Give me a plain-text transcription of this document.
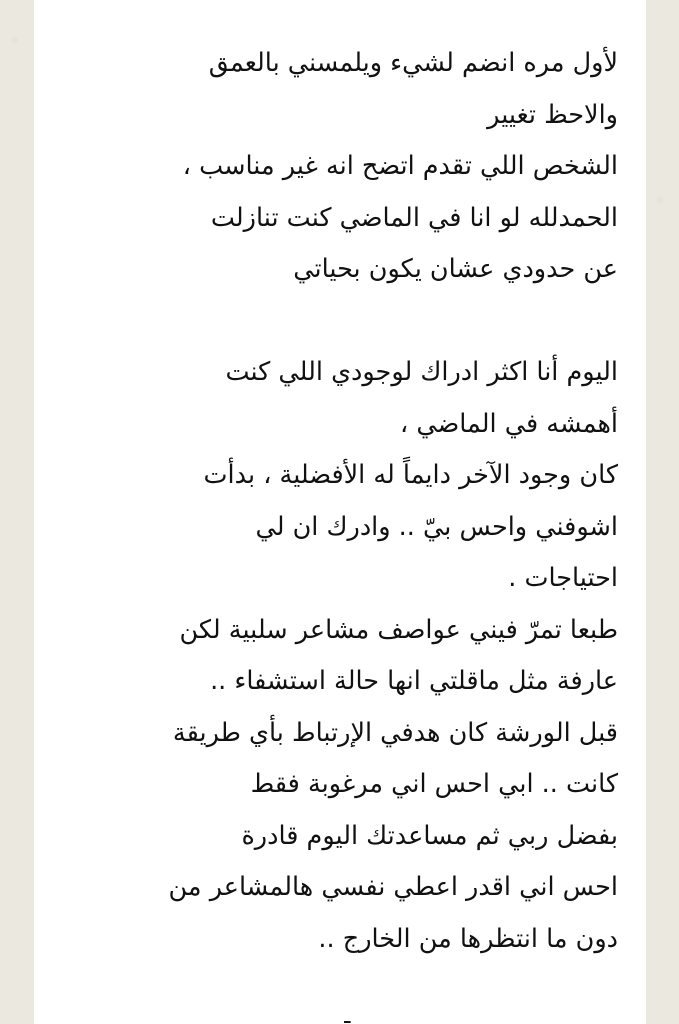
لأول مره انضم لشيء ويلمسني بالعمق
والاحظ تغيير
الشخص اللي تقدم اتضح انه غير مناسب ،
الحمدلله لو انا في الماضي كنت تنازلت
عن حدودي عشان يكون بحياتي
اليوم أنا اكثر ادراك لوجودي اللي كنت
أهمشه في الماضي ،
كان وجود الآخر دايماً له الأفضلية ، بدأت
اشوفني واحس بيّ .. وادرك ان لي
احتياجات .
طبعا تمرّ فيني عواصف مشاعر سلبية لكن
عارفة مثل ماقلتي انها حالة استشفاء ..
قبل الورشة كان هدفي الإرتباط بأي طريقة
كانت .. ابي احس اني مرغوبة فقط
بفضل ربي ثم مساعدتك اليوم قادرة
احس اني اقدر اعطي نفسي هالمشاعر من
دون ما انتظرها من الخارج ..
ـ
